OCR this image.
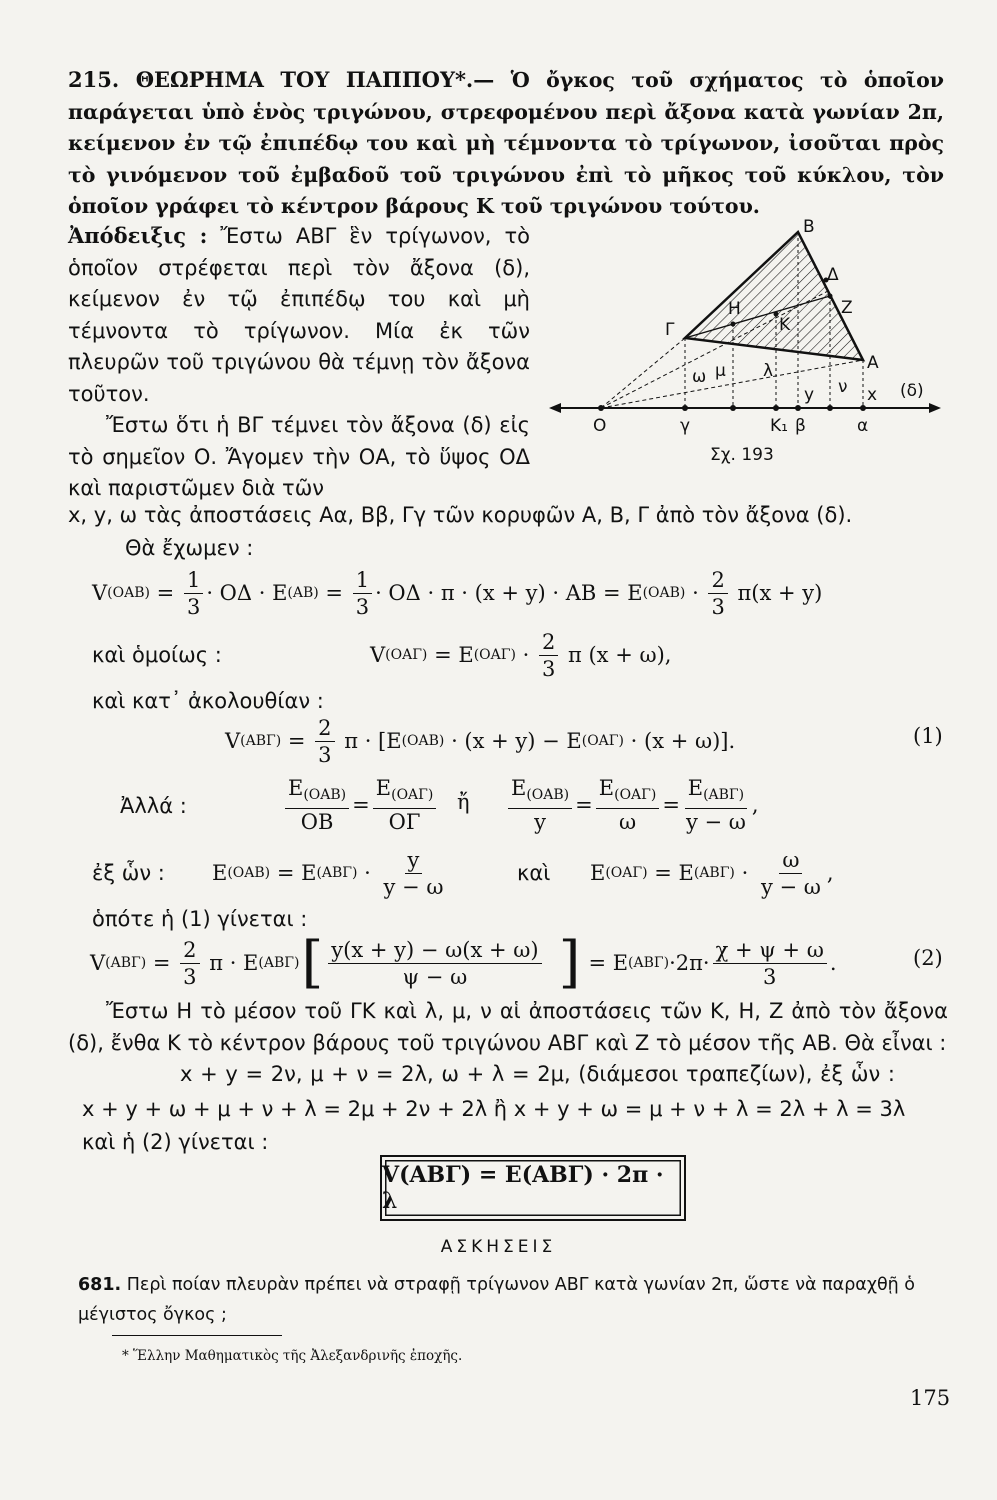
215. ΘΕΩΡΗΜΑ ΤΟΥ ΠΑΠΠΟΥ*.— Ὁ ὄγκος τοῦ σχήματος τὸ ὁποῖον παράγεται ὑπὸ ἑνὸς τριγώνου, στρεφομένου περὶ ἄξονα κατὰ γωνίαν 2π, κείμενον ἐν τῷ ἐπιπέδῳ του καὶ μὴ τέμνοντα τὸ τρίγωνον, ἰσοῦται πρὸς τὸ γινόμενον τοῦ ἐμβαδοῦ τοῦ τριγώνου ἐπὶ τὸ μῆκος τοῦ κύκλου, τὸν ὁποῖον γράφει τὸ κέντρον βάρους Κ τοῦ τριγώνου τούτου.
Ἀπόδειξις : Ἔστω ΑΒΓ ἓν τρίγωνον, τὸ ὁποῖον στρέφεται περὶ τὸν ἄξονα (δ), κείμενον ἐν τῷ ἐπιπέδῳ του καὶ μὴ τέμνοντα τὸ τρίγωνον. Μία ἐκ τῶν πλευρῶν τοῦ τριγώνου θὰ τέμνῃ τὸν ἄξονα τοῦτον.
Ἔστω ὅτι ἡ ΒΓ τέμνει τὸν ἄξονα (δ) εἰς τὸ σημεῖον Ο. Ἄγομεν τὴν ΟΑ, τὸ ὕψος ΟΔ καὶ παριστῶμεν διὰ τῶν
x, y, ω τὰς ἀποστάσεις Αα, Ββ, Γγ τῶν κορυφῶν Α, Β, Γ ἀπὸ τὸν ἄξονα (δ).
Θὰ ἔχωμεν :
Β
Δ
Ζ
Η
Κ
Γ
Α
Ο	γ	Κ₁ β	α
ω μ λ
y ν x (δ)
Σχ. 193
V $(OAB) = \frac{1}{3} \cdot O\Delta \cdot E$ $(AB) = \frac{1}{3} \cdot O\Delta \cdot \pi \cdot (x + y) \cdot AB = E$ $(OAB) \cdot \frac{2}{3} \pi(x + y)$
καὶ ὁμοίως :	V (ΟΑΓ) = Ε $(OA\Gamma) \cdot \frac{2}{3}$ π (x + ω),
καὶ κατ᾽ ἀκολουθίαν :
V $(AB\Gamma) = \frac{2}{3}$ π · [Ε (ΟΑΒ) · (x + y) − Ε (ΟΑΓ) · (x + ω)].	(1)
Ἀλλά :	$\frac{E_{(OAB)}}{OB} = \frac{E_{(OA\Gamma)}}{O\Gamma}$ ἤ $\frac{E_{(OAB)}}{y} = \frac{E_{(OA\Gamma)}}{\omega} = \frac{E_{(AB\Gamma)}}{y - \omega}$ ,
ἐξ ὧν : Ε (ΟΑΒ) = Ε $(AB\Gamma) \cdot \frac{y}{y - \omega}$	καὶ Ε (ΟΑΓ) = Ε $(AB\Gamma) \cdot \frac{\omega}{y - \omega}$ ,
ὁπότε ἡ (1) γίνεται :
V $(AB\Gamma) = \frac{2}{3}$ π · Ε (ΑΒΓ) [ $\frac{y(x + y) - \omega(x + \omega)}{\psi - \omega}$ ] = Ε $(AB\Gamma) \cdot 2\pi\cdot \frac{\chi + \psi + \omega}{3}$ .	(2)
Ἔστω Η τὸ μέσον τοῦ ΓΚ καὶ λ, μ, ν αἱ ἀποστάσεις τῶν Κ, Η, Ζ ἀπὸ τὸν ἄξονα (δ), ἔνθα Κ τὸ κέντρον βάρους τοῦ τριγώνου ΑΒΓ καὶ Ζ τὸ μέσον τῆς ΑΒ. Θὰ εἶναι :
x + y = 2ν, μ + ν = 2λ, ω + λ = 2μ, (διάμεσοι τραπεζίων), ἐξ ὧν :
x + y + ω + μ + ν + λ = 2μ + 2ν + 2λ ἢ x + y + ω = μ + ν + λ = 2λ + λ = 3λ
καὶ ἡ (2) γίνεται :
V(ΑΒΓ) = E(ΑΒΓ) · 2π · λ
ΑΣΚΗΣΕΙΣ
681. Περὶ ποίαν πλευρὰν πρέπει νὰ στραφῇ τρίγωνον ΑΒΓ κατὰ γωνίαν 2π, ὥστε νὰ παραχθῇ ὁ μέγιστος ὄγκος ;
* Ἕλλην Μαθηματικὸς τῆς Ἀλεξανδρινῆς ἐποχῆς.
175
